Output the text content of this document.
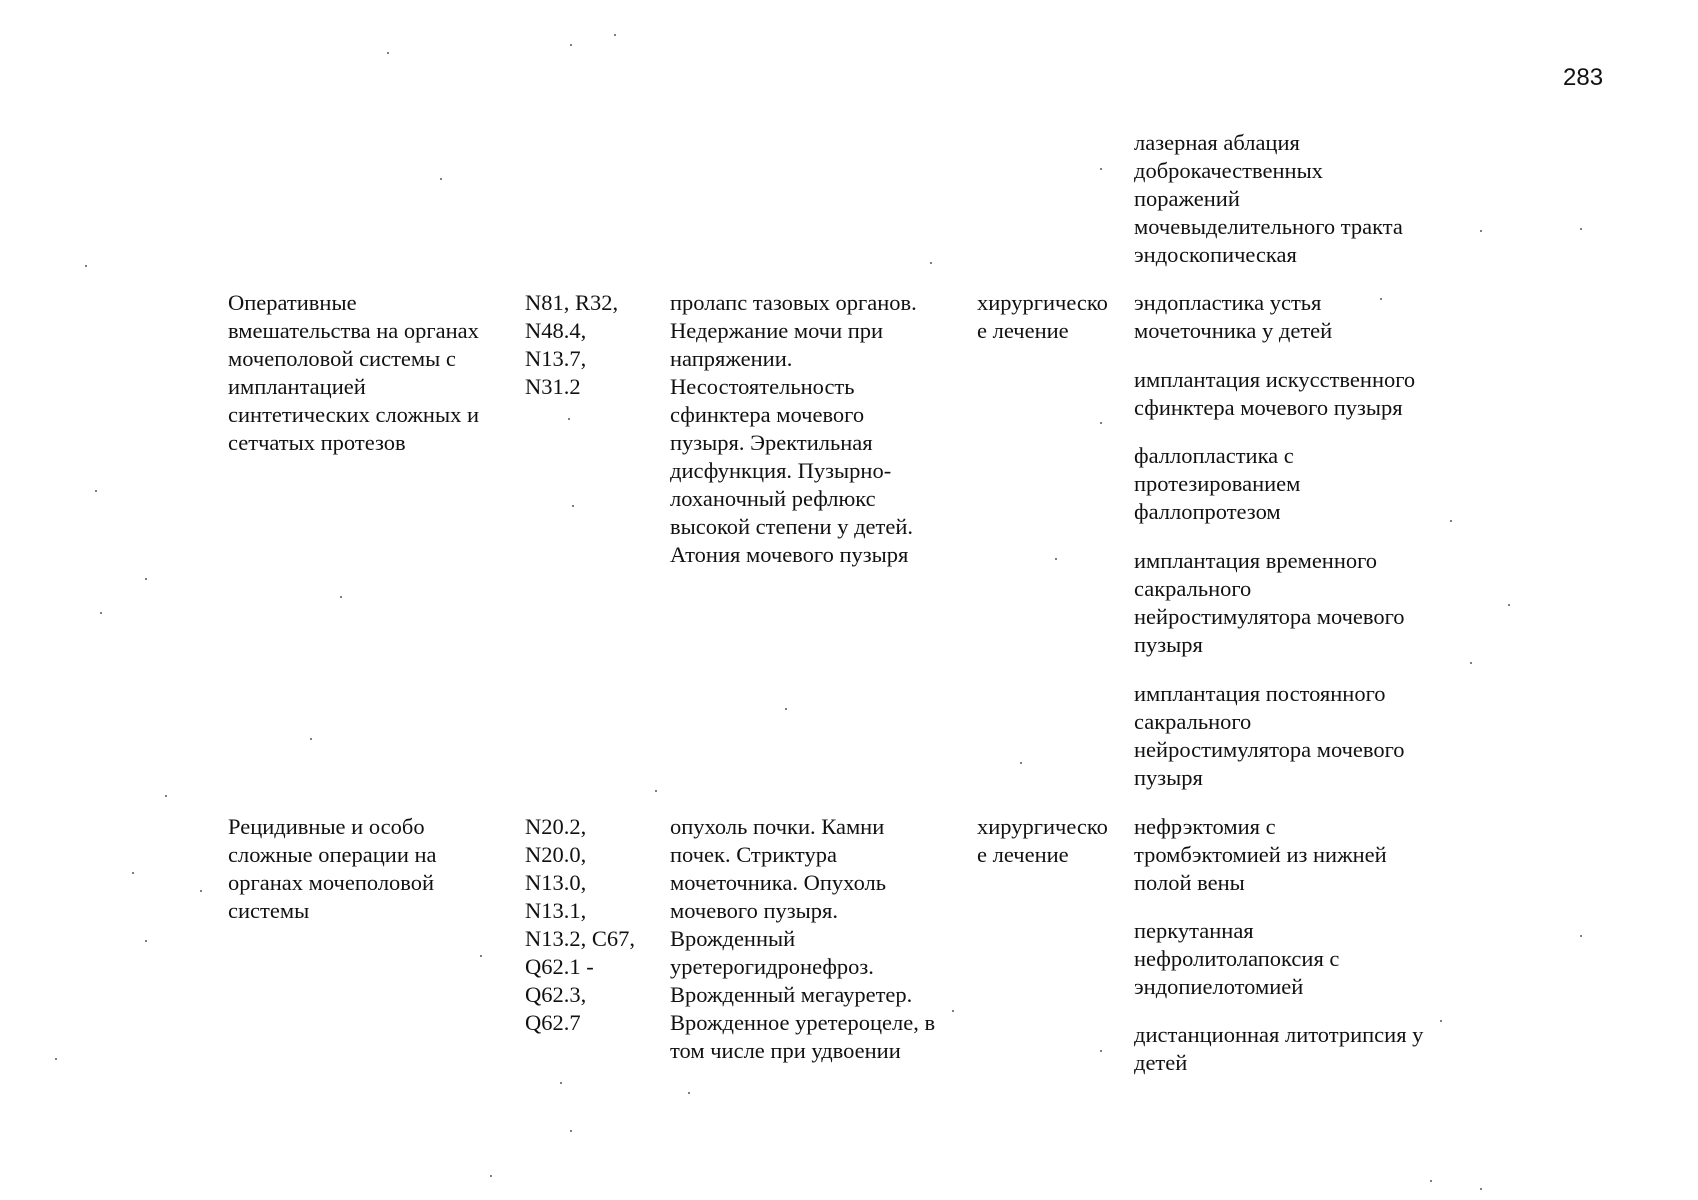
283
лазерная аблация
доброкачественных
поражений
мочевыделительного тракта
эндоскопическая
Оперативные
вмешательства на органах
мочеполовой системы с
имплантацией
синтетических сложных и
сетчатых протезов
N81, R32,
N48.4,
N13.7,
N31.2
пролапс тазовых органов.
Недержание мочи при
напряжении.
Несостоятельность
сфинктера мочевого
пузыря. Эректильная
дисфункция. Пузырно-
лоханочный рефлюкс
высокой степени у детей.
Атония мочевого пузыря
хирургическо
е лечение
эндопластика устья
мочеточника у детей
имплантация искусственного
сфинктера мочевого пузыря
фаллопластика с
протезированием
фаллопротезом
имплантация временного
сакрального
нейростимулятора мочевого
пузыря
имплантация постоянного
сакрального
нейростимулятора мочевого
пузыря
Рецидивные и особо
сложные операции на
органах мочеполовой
системы
N20.2,
N20.0,
N13.0,
N13.1,
N13.2, C67,
Q62.1 -
Q62.3,
Q62.7
опухоль почки. Камни
почек. Стриктура
мочеточника. Опухоль
мочевого пузыря.
Врожденный
уретерогидронефроз.
Врожденный мегауретер.
Врожденное уретероцеле, в
том числе при удвоении
хирургическо
е лечение
нефрэктомия с
тромбэктомией из нижней
полой вены
перкутанная
нефролитолапоксия с
эндопиелотомией
дистанционная литотрипсия у
детей
